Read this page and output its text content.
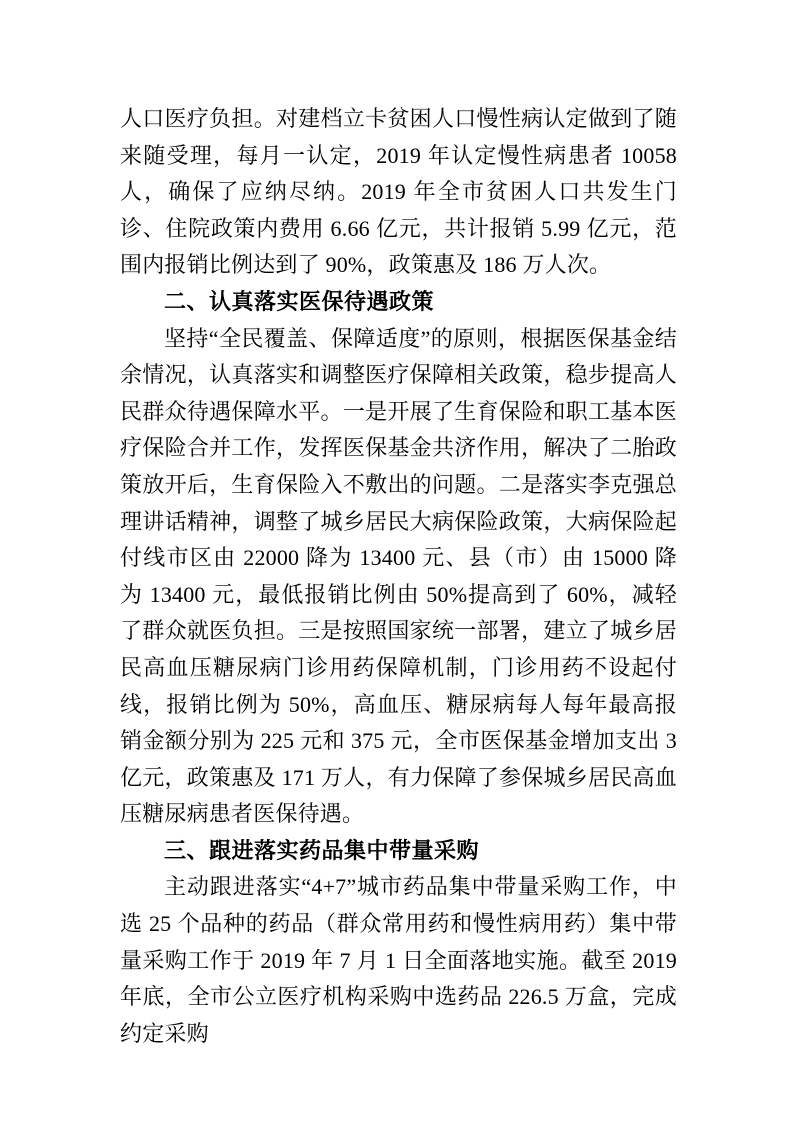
人口医疗负担。对建档立卡贫困人口慢性病认定做到了随来随受理，每月一认定，2019 年认定慢性病患者 10058 人，确保了应纳尽纳。2019 年全市贫困人口共发生门诊、住院政策内费用 6.66 亿元，共计报销 5.99 亿元，范围内报销比例达到了 90%，政策惠及 186 万人次。

二、认真落实医保待遇政策

坚持“全民覆盖、保障适度”的原则，根据医保基金结余情况，认真落实和调整医疗保障相关政策，稳步提高人民群众待遇保障水平。一是开展了生育保险和职工基本医疗保险合并工作，发挥医保基金共济作用，解决了二胎政策放开后，生育保险入不敷出的问题。二是落实李克强总理讲话精神，调整了城乡居民大病保险政策，大病保险起付线市区由 22000 降为 13400 元、县（市）由 15000 降为 13400 元，最低报销比例由 50%提高到了 60%，减轻了群众就医负担。三是按照国家统一部署，建立了城乡居民高血压糖尿病门诊用药保障机制，门诊用药不设起付线，报销比例为 50%，高血压、糖尿病每人每年最高报销金额分别为 225 元和 375 元，全市医保基金增加支出 3 亿元，政策惠及 171 万人，有力保障了参保城乡居民高血压糖尿病患者医保待遇。

三、跟进落实药品集中带量采购

主动跟进落实“4+7”城市药品集中带量采购工作，中选 25 个品种的药品（群众常用药和慢性病用药）集中带量采购工作于 2019 年 7 月 1 日全面落地实施。截至 2019 年底，全市公立医疗机构采购中选药品 226.5 万盒，完成约定采购
